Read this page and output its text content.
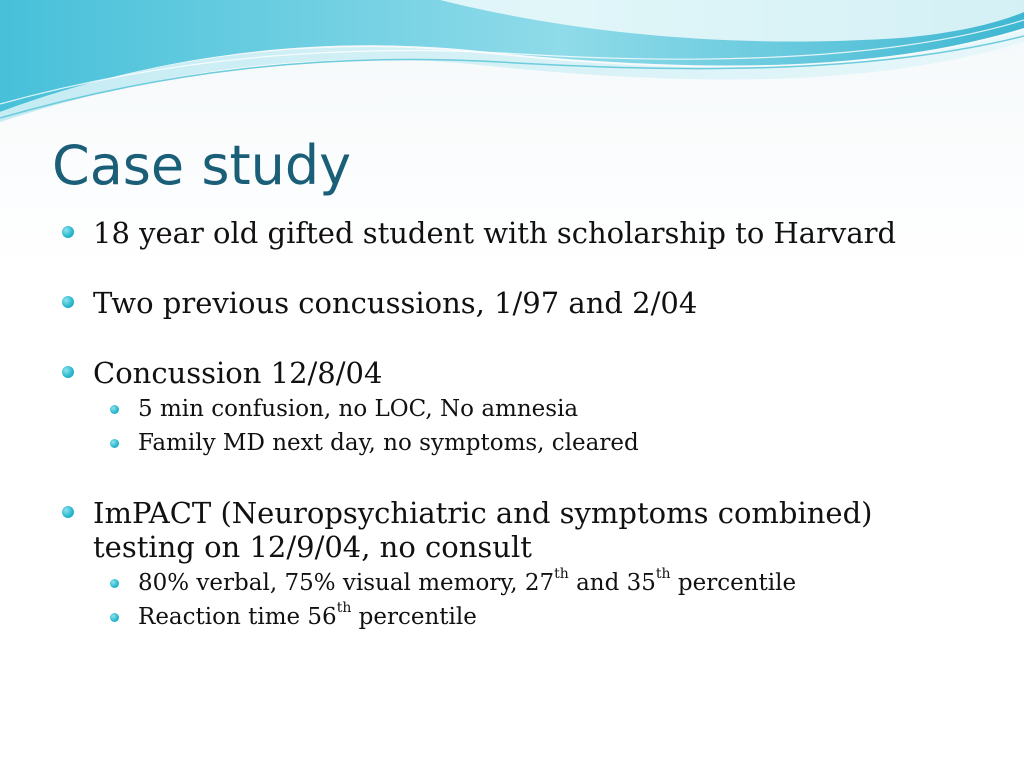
Case study
18 year old gifted student with scholarship to Harvard
Two previous concussions, 1/97 and 2/04
Concussion 12/8/04
5 min confusion, no LOC, No amnesia
Family MD next day, no symptoms, cleared
ImPACT (Neuropsychiatric and symptoms combined) testing on 12/9/04, no consult
80% verbal, 75% visual memory, 27th and 35th percentile
Reaction time 56th percentile
